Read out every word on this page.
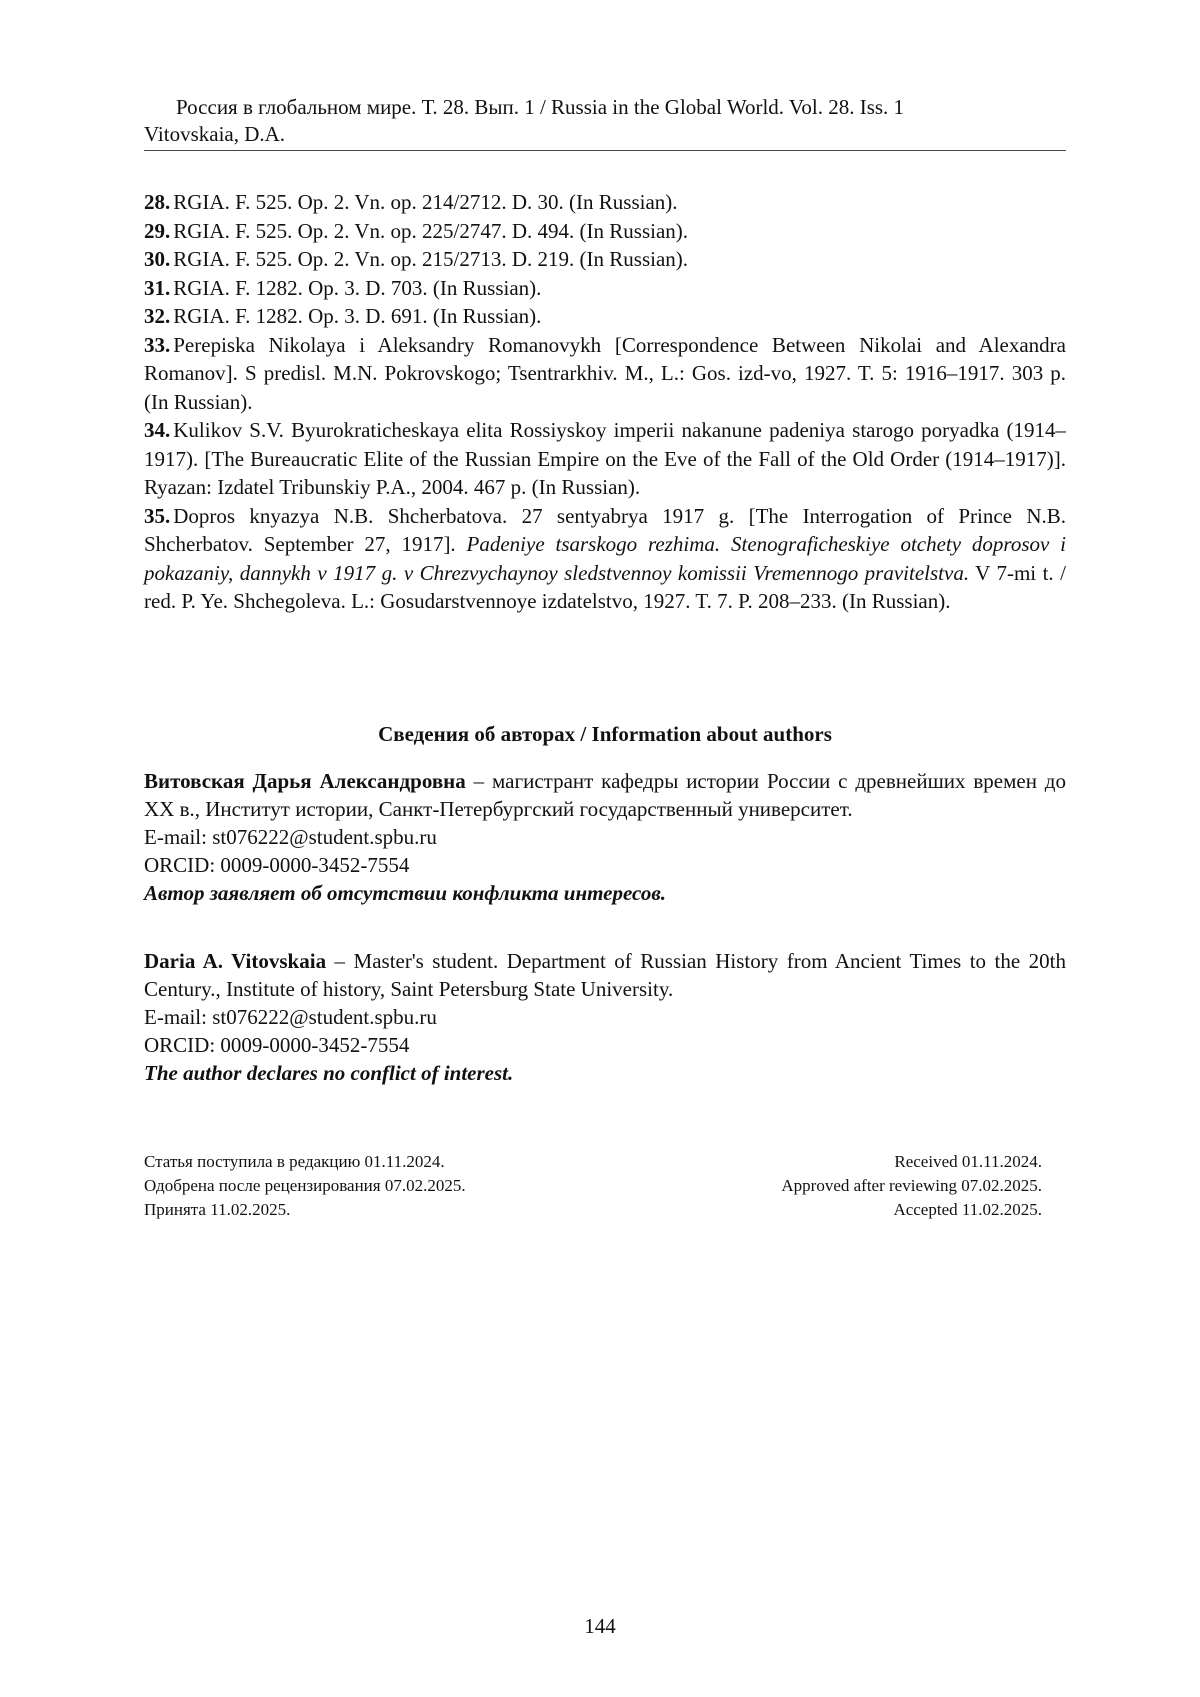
Россия в глобальном мире. Т. 28. Вып. 1 / Russia in the Global World. Vol. 28. Iss. 1
Vitovskaia, D.A.

28. RGIA. F. 525. Op. 2. Vn. op. 214/2712. D. 30. (In Russian).

29. RGIA. F. 525. Op. 2. Vn. op. 225/2747. D. 494. (In Russian).

30. RGIA. F. 525. Op. 2. Vn. op. 215/2713. D. 219. (In Russian).

31. RGIA. F. 1282. Op. 3. D. 703. (In Russian).

32. RGIA. F. 1282. Op. 3. D. 691. (In Russian).

33. Perepiska Nikolaya i Aleksandry Romanovykh [Correspondence Between Nikolai and Alexandra Romanov]. S predisl. M.N. Pokrovskogo; Tsentrarkhiv. M., L.: Gos. izd-vo, 1927. T. 5: 1916–1917. 303 p. (In Russian).

34. Kulikov S.V. Byurokraticheskaya elita Rossiyskoy imperii nakanune padeniya starogo poryadka (1914–1917). [The Bureaucratic Elite of the Russian Empire on the Eve of the Fall of the Old Order (1914–1917)]. Ryazan: Izdatel Tribunskiy P.A., 2004. 467 p. (In Russian).

35. Dopros knyazya N.B. Shcherbatova. 27 sentyabrya 1917 g. [The Interrogation of Prince N.B. Shcherbatov. September 27, 1917]. Padeniye tsarskogo rezhima. Stenograficheskiye otchety doprosov i pokazaniy, dannykh v 1917 g. v Chrezvychaynoy sledstvennoy komissii Vremennogo pravitelstva. V 7-mi t. / red. P. Ye. Shchegoleva. L.: Gosudarstvennoye izdatelstvo, 1927. T. 7. P. 208–233. (In Russian).

Сведения об авторах / Information about authors

Витовская Дарья Александровна – магистрант кафедры истории России с древнейших времен до XX в., Институт истории, Санкт-Петербургский государственный университет.

E-mail: st076222@student.spbu.ru

ORCID: 0009-0000-3452-7554

Автор заявляет об отсутствии конфликта интересов.

Daria A. Vitovskaia – Master's student. Department of Russian History from Ancient Times to the 20th Century., Institute of history, Saint Petersburg State University.

E-mail: st076222@student.spbu.ru

ORCID: 0009-0000-3452-7554

The author declares no conflict of interest.

Статья поступила в редакцию 01.11.2024.	Received 01.11.2024.
Одобрена после рецензирования 07.02.2025.	Approved after reviewing 07.02.2025.
Принята 11.02.2025.	Accepted 11.02.2025.
144
